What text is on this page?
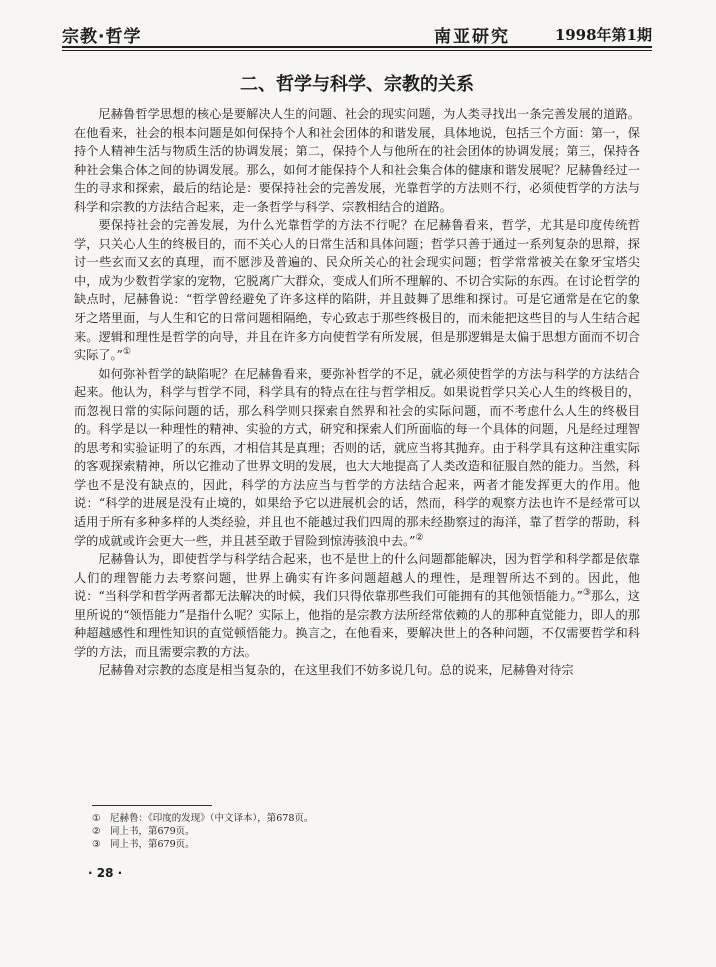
宗教·哲学	南亚研究	1998年第1期
二、哲学与科学、宗教的关系

尼赫鲁哲学思想的核心是要解决人生的问题、社会的现实问题，为人类寻找出一条完善发展的道路。在他看来，社会的根本问题是如何保持个人和社会团体的和谐发展，具体地说，包括三个方面：第一，保持个人精神生活与物质生活的协调发展；第二，保持个人与他所在的社会团体的协调发展；第三，保持各种社会集合体之间的协调发展。那么，如何才能保持个人和社会集合体的健康和谐发展呢？尼赫鲁经过一生的寻求和探索，最后的结论是：要保持社会的完善发展，光靠哲学的方法则不行，必须使哲学的方法与科学和宗教的方法结合起来，走一条哲学与科学、宗教相结合的道路。

要保持社会的完善发展，为什么光靠哲学的方法不行呢？在尼赫鲁看来，哲学，尤其是印度传统哲学，只关心人生的终极目的，而不关心人的日常生活和具体问题；哲学只善于通过一系列复杂的思辩，探讨一些玄而又玄的真理，而不愿涉及普遍的、民众所关心的社会现实问题；哲学常常被关在象牙宝塔尖中，成为少数哲学家的宠物，它脱离广大群众，变成人们所不理解的、不切合实际的东西。在讨论哲学的缺点时，尼赫鲁说：“哲学曾经避免了许多这样的陷阱，并且鼓舞了思维和探讨。可是它通常是在它的象牙之塔里面，与人生和它的日常问题相隔绝，专心致志于那些终极目的，而未能把这些目的与人生结合起来。逻辑和理性是哲学的向导，并且在许多方向使哲学有所发展，但是那逻辑是太偏于思想方面而不切合实际了。”①

如何弥补哲学的缺陷呢？在尼赫鲁看来，要弥补哲学的不足，就必须使哲学的方法与科学的方法结合起来。他认为，科学与哲学不同，科学具有的特点在往与哲学相反。如果说哲学只关心人生的终极目的，而忽视日常的实际问题的话，那么科学则只探索自然界和社会的实际问题，而不考虑什么人生的终极目的。科学是以一种理性的精神、实验的方式，研究和探索人们所面临的每一个具体的问题，凡是经过理智的思考和实验证明了的东西，才相信其是真理；否则的话，就应当将其抛弃。由于科学具有这种注重实际的客观探索精神，所以它推动了世界文明的发展，也大大地提高了人类改造和征服自然的能力。当然，科学也不是没有缺点的，因此，科学的方法应当与哲学的方法结合起来，两者才能发挥更大的作用。他说：“科学的进展是没有止境的，如果给予它以进展机会的话，然而，科学的观察方法也许不是经常可以适用于所有多种多样的人类经验，并且也不能越过我们四周的那未经勘察过的海洋，靠了哲学的帮助，科学的成就或许会更大一些，并且甚至敢于冒险到惊涛骇浪中去。”②

尼赫鲁认为，即使哲学与科学结合起来，也不是世上的什么问题都能解决，因为哲学和科学都是依靠人们的理智能力去考察问题，世界上确实有许多问题超越人的理性，是理智所达不到的。因此，他说：“当科学和哲学两者都无法解决的时候，我们只得依靠那些我们可能拥有的其他领悟能力。”③那么，这里所说的“领悟能力”是指什么呢？实际上，他指的是宗教方法所经常依赖的人的那种直觉能力，即人的那种超越感性和理性知识的直觉顿悟能力。换言之，在他看来，要解决世上的各种问题，不仅需要哲学和科学的方法，而且需要宗教的方法。

尼赫鲁对宗教的态度是相当复杂的，在这里我们不妨多说几句。总的说来，尼赫鲁对待宗

① 尼赫鲁：《印度的发现》（中文译本），第678页。
② 同上书，第679页。
③ 同上书，第679页。
· 28 ·
